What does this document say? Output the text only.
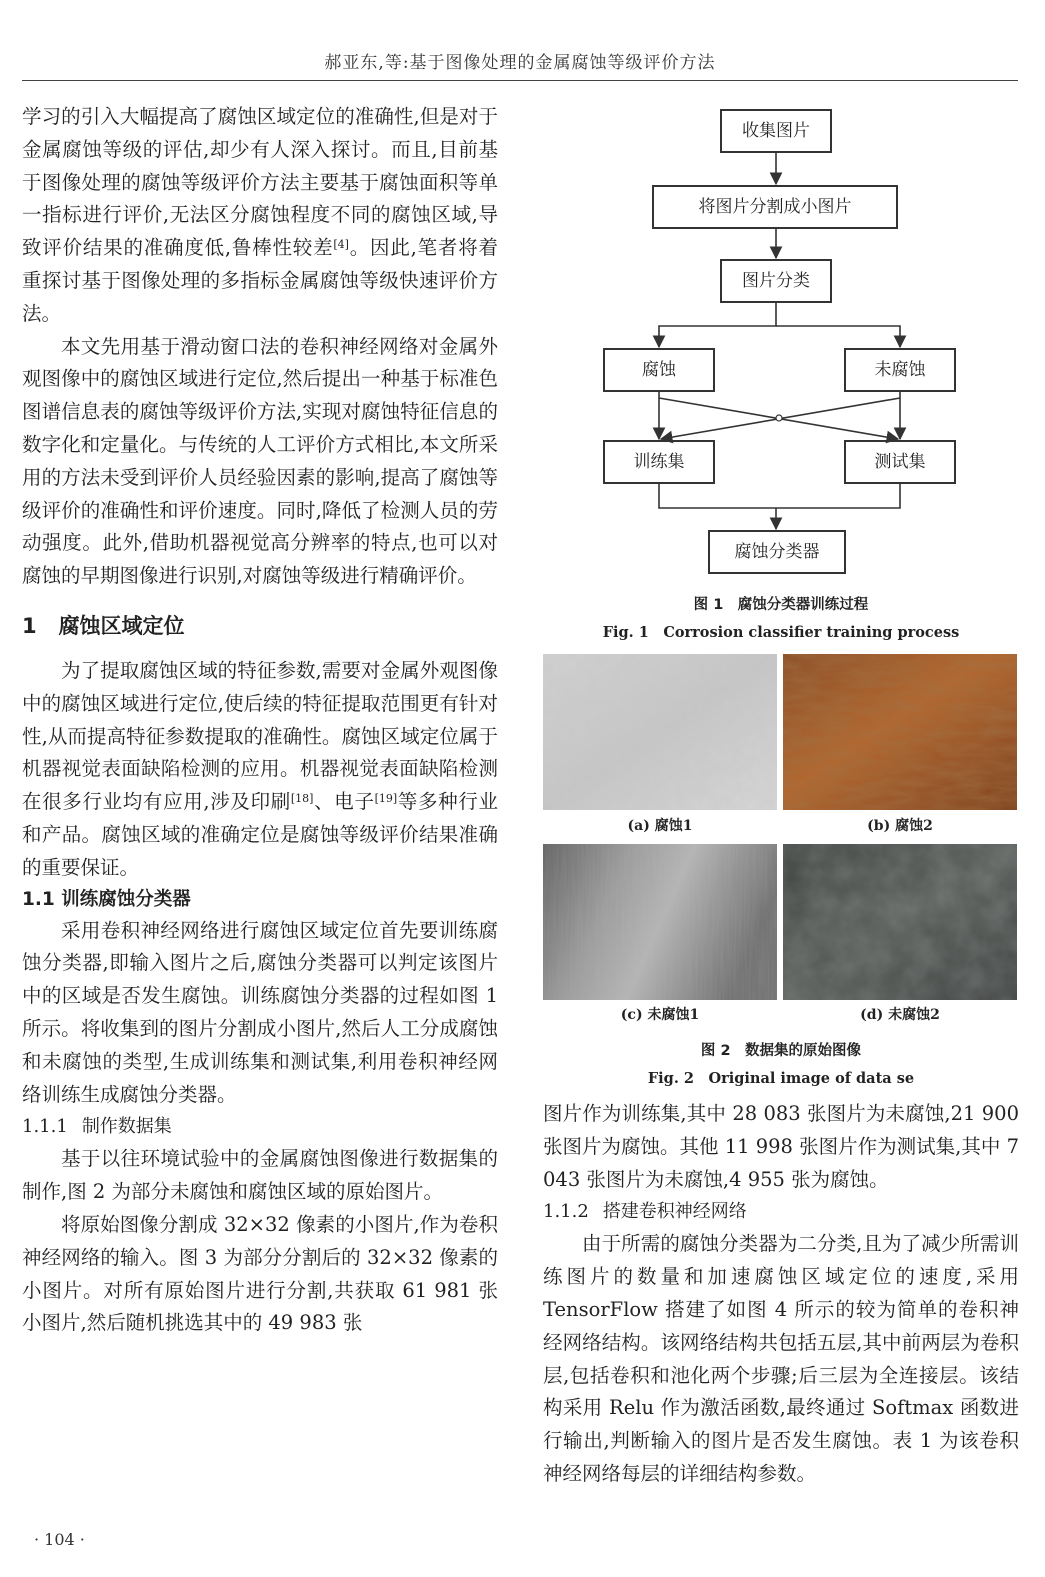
郝亚东,等:基于图像处理的金属腐蚀等级评价方法

学习的引入大幅提高了腐蚀区域定位的准确性,但是对于金属腐蚀等级的评估,却少有人深入探讨。而且,目前基于图像处理的腐蚀等级评价方法主要基于腐蚀面积等单一指标进行评价,无法区分腐蚀程度不同的腐蚀区域,导致评价结果的准确度低,鲁棒性较差[4]。因此,笔者将着重探讨基于图像处理的多指标金属腐蚀等级快速评价方法。

本文先用基于滑动窗口法的卷积神经网络对金属外观图像中的腐蚀区域进行定位,然后提出一种基于标准色图谱信息表的腐蚀等级评价方法,实现对腐蚀特征信息的数字化和定量化。与传统的人工评价方式相比,本文所采用的方法未受到评价人员经验因素的影响,提高了腐蚀等级评价的准确性和评价速度。同时,降低了检测人员的劳动强度。此外,借助机器视觉高分辨率的特点,也可以对腐蚀的早期图像进行识别,对腐蚀等级进行精确评价。

1 腐蚀区域定位

为了提取腐蚀区域的特征参数,需要对金属外观图像中的腐蚀区域进行定位,使后续的特征提取范围更有针对性,从而提高特征参数提取的准确性。腐蚀区域定位属于机器视觉表面缺陷检测的应用。机器视觉表面缺陷检测在很多行业均有应用,涉及印刷[18]、电子[19]等多种行业和产品。腐蚀区域的准确定位是腐蚀等级评价结果准确的重要保证。

1.1 训练腐蚀分类器

采用卷积神经网络进行腐蚀区域定位首先要训练腐蚀分类器,即输入图片之后,腐蚀分类器可以判定该图片中的区域是否发生腐蚀。训练腐蚀分类器的过程如图 1 所示。将收集到的图片分割成小图片,然后人工分成腐蚀和未腐蚀的类型,生成训练集和测试集,利用卷积神经网络训练生成腐蚀分类器。

1.1.1 制作数据集

基于以往环境试验中的金属腐蚀图像进行数据集的制作,图 2 为部分未腐蚀和腐蚀区域的原始图片。

将原始图像分割成 32×32 像素的小图片,作为卷积神经网络的输入。图 3 为部分分割后的 32×32 像素的小图片。对所有原始图片进行分割,共获取 61 981 张小图片,然后随机挑选其中的 49 983 张

收集图片
将图片分割成小图片
图片分类
腐蚀	未腐蚀
训练集	测试集
腐蚀分类器
图 1　腐蚀分类器训练过程
Fig. 1　Corrosion classifier training process
(a) 腐蚀1	(b) 腐蚀2
(c) 未腐蚀1	(d) 未腐蚀2
图 2　数据集的原始图像
Fig. 2　Original image of data se

图片作为训练集,其中 28 083 张图片为未腐蚀,21 900 张图片为腐蚀。其他 11 998 张图片作为测试集,其中 7 043 张图片为未腐蚀,4 955 张为腐蚀。

1.1.2 搭建卷积神经网络

由于所需的腐蚀分类器为二分类,且为了减少所需训练图片的数量和加速腐蚀区域定位的速度,采用 TensorFlow 搭建了如图 4 所示的较为简单的卷积神经网络结构。该网络结构共包括五层,其中前两层为卷积层,包括卷积和池化两个步骤;后三层为全连接层。该结构采用 Relu 作为激活函数,最终通过 Softmax 函数进行输出,判断输入的图片是否发生腐蚀。表 1 为该卷积神经网络每层的详细结构参数。

· 104 ·
